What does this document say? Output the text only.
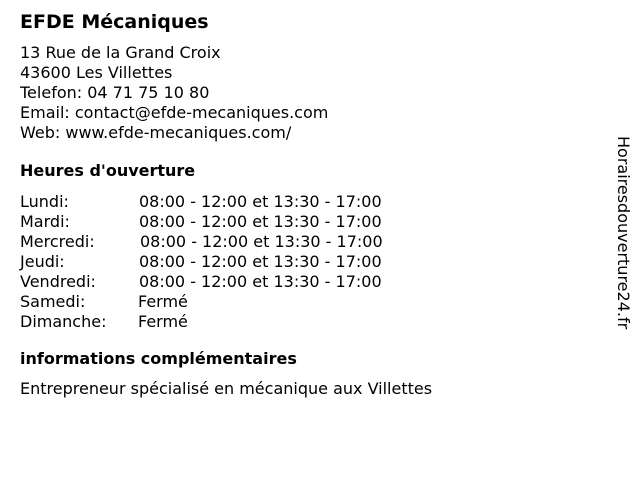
EFDE Mécaniques
13 Rue de la Grand Croix
43600 Les Villettes
Telefon: 04 71 75 10 80
Email: contact@efde-mecaniques.com
Web: www.efde-mecaniques.com/
Heures d'ouverture
Lundi:	08:00 - 12:00 et 13:30 - 17:00
Mardi:	08:00 - 12:00 et 13:30 - 17:00
Mercredi:	08:00 - 12:00 et 13:30 - 17:00
Jeudi:	08:00 - 12:00 et 13:30 - 17:00
Vendredi:	08:00 - 12:00 et 13:30 - 17:00
Samedi:	Fermé
Dimanche: Fermé
informations complémentaires
Entrepreneur spécialisé en mécanique aux Villettes
Horairesdouverture24.fr
